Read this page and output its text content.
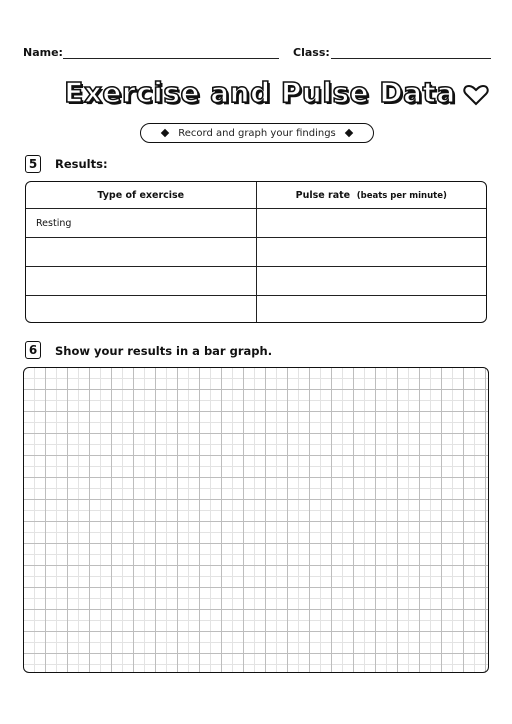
Name:	Class:
Exercise and Pulse Data
Record and graph your findings
5	Results:
Type of exercise	Pulse rate (beats per minute)
Resting	

6	Show your results in a bar graph.
